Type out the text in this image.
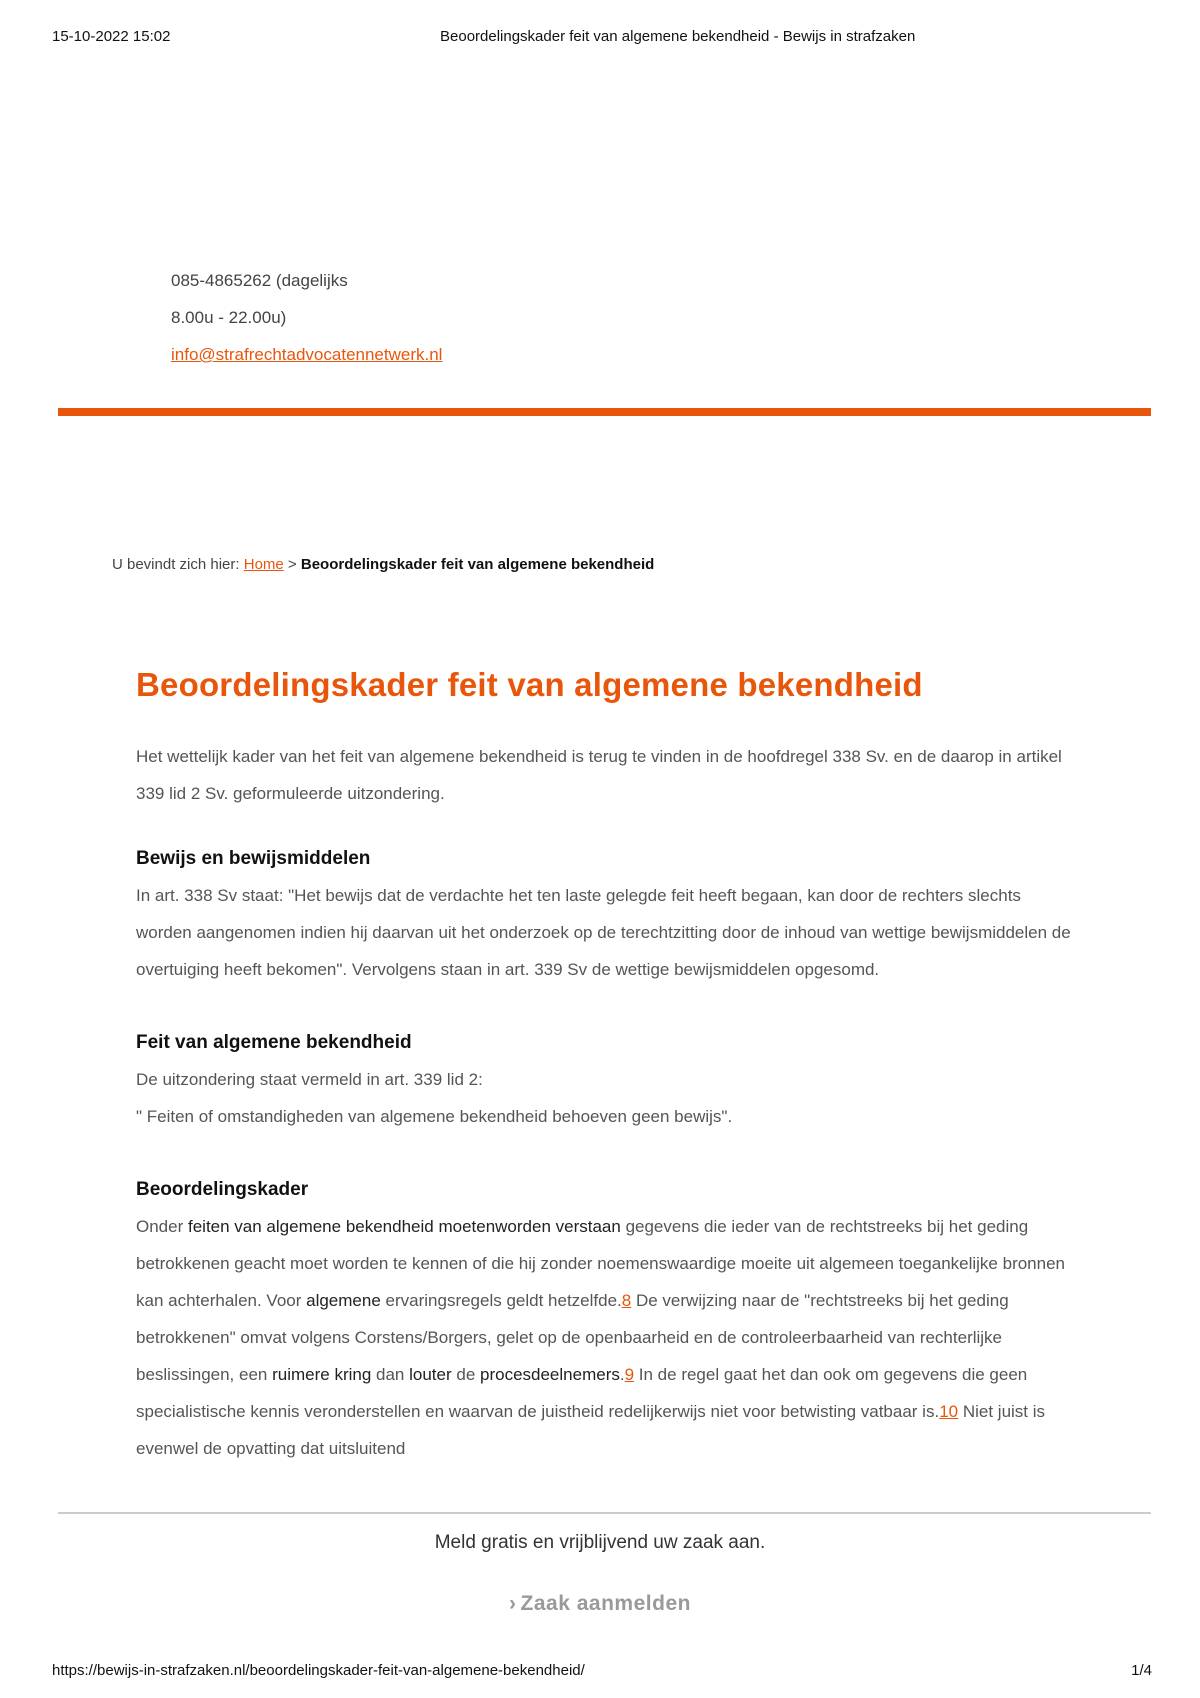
15-10-2022 15:02	Beoordelingskader feit van algemene bekendheid - Bewijs in strafzaken
085-4865262 (dagelijks
8.00u - 22.00u)
info@strafrechtadvocatennetwerk.nl
U bevindt zich hier: Home > Beoordelingskader feit van algemene bekendheid
Beoordelingskader feit van algemene bekendheid

Het wettelijk kader van het feit van algemene bekendheid is terug te vinden in de hoofdregel 338 Sv. en de daarop in artikel 339 lid 2 Sv. geformuleerde uitzondering.

Bewijs en bewijsmiddelen

In art. 338 Sv staat: "Het bewijs dat de verdachte het ten laste gelegde feit heeft begaan, kan door de rechters slechts worden aangenomen indien hij daarvan uit het onderzoek op de terechtzitting door de inhoud van wettige bewijsmiddelen de overtuiging heeft bekomen". Vervolgens staan in art. 339 Sv de wettige bewijsmiddelen opgesomd.

Feit van algemene bekendheid

De uitzondering staat vermeld in art. 339 lid 2:

" Feiten of omstandigheden van algemene bekendheid behoeven geen bewijs".

Beoordelingskader

Onder feiten van algemene bekendheid moetenworden verstaan gegevens die ieder van de rechtstreeks bij het geding betrokkenen geacht moet worden te kennen of die hij zonder noemenswaardige moeite uit algemeen toegankelijke bronnen kan achterhalen. Voor algemene ervaringsregels geldt hetzelfde.8 De verwijzing naar de "rechtstreeks bij het geding betrokkenen" omvat volgens Corstens/Borgers, gelet op de openbaarheid en de controleerbaarheid van rechterlijke beslissingen, een ruimere kring dan louter de procesdeelnemers.9 In de regel gaat het dan ook om gegevens die geen specialistische kennis veronderstellen en waarvan de juistheid redelijkerwijs niet voor betwisting vatbaar is.10 Niet juist is evenwel de opvatting dat uitsluitend

Meld gratis en vrijblijvend uw zaak aan.
› Zaak aanmelden
https://bewijs-in-strafzaken.nl/beoordelingskader-feit-van-algemene-bekendheid/	1/4
